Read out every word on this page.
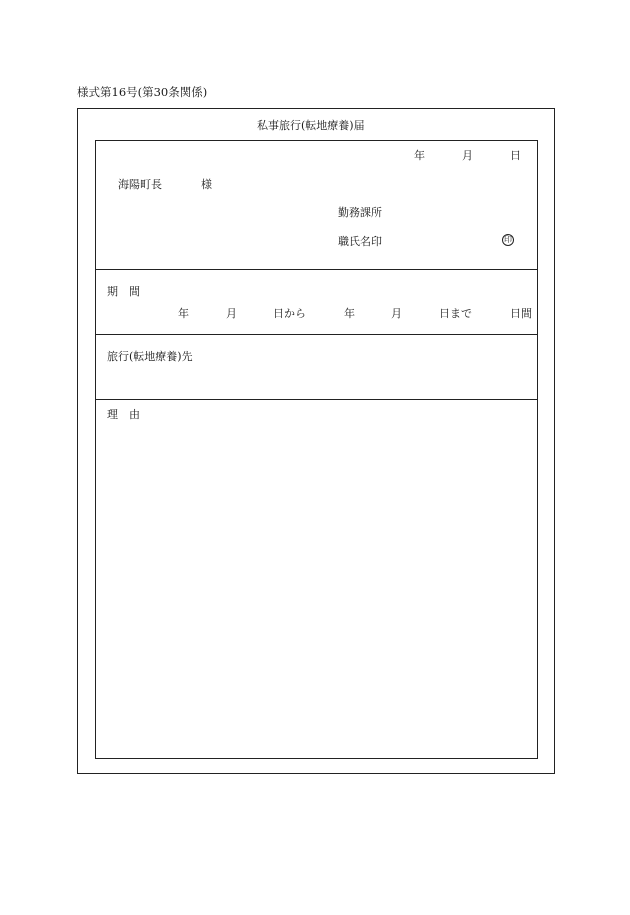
様式第16号(第30条関係)
私事旅行(転地療養)届
年	月	日
海陽町長	様
勤務課所
職氏名印	印
期　間
年	月	日から	年	月	日まで	日間
旅行(転地療養)先
理　由
